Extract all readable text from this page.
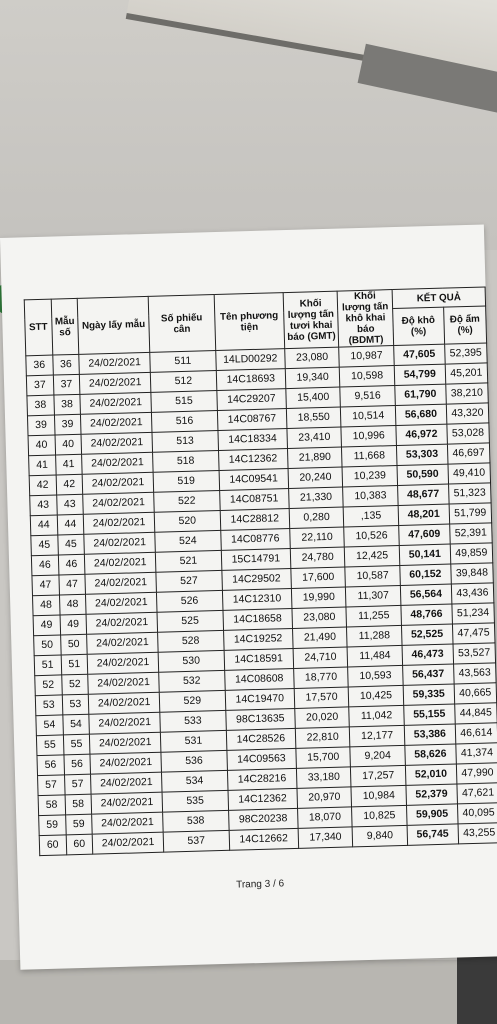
STT	Mẫu số	Ngày lấy mẫu	Số phiếu cân	Tên phương tiện	Khối lượng tấn tươi khai báo (GMT)	Khối lượng tấn khô khai báo (BDMT)	KẾT QUẢ	
							Độ khô (%)	Độ ẩm (%)
36	36	24/02/2021	511	14LD00292	23,080	10,987	47,605	52,395
37	37	24/02/2021	512	14C18693	19,340	10,598	54,799	45,201
38	38	24/02/2021	515	14C29207	15,400	9,516	61,790	38,210
39	39	24/02/2021	516	14C08767	18,550	10,514	56,680	43,320
40	40	24/02/2021	513	14C18334	23,410	10,996	46,972	53,028
41	41	24/02/2021	518	14C12362	21,890	11,668	53,303	46,697
42	42	24/02/2021	519	14C09541	20,240	10,239	50,590	49,410
43	43	24/02/2021	522	14C08751	21,330	10,383	48,677	51,323
44	44	24/02/2021	520	14C28812	0,280	,135	48,201	51,799
45	45	24/02/2021	524	14C08776	22,110	10,526	47,609	52,391
46	46	24/02/2021	521	15C14791	24,780	12,425	50,141	49,859
47	47	24/02/2021	527	14C29502	17,600	10,587	60,152	39,848
48	48	24/02/2021	526	14C12310	19,990	11,307	56,564	43,436
49	49	24/02/2021	525	14C18658	23,080	11,255	48,766	51,234
50	50	24/02/2021	528	14C19252	21,490	11,288	52,525	47,475
51	51	24/02/2021	530	14C18591	24,710	11,484	46,473	53,527
52	52	24/02/2021	532	14C08608	18,770	10,593	56,437	43,563
53	53	24/02/2021	529	14C19470	17,570	10,425	59,335	40,665
54	54	24/02/2021	533	98C13635	20,020	11,042	55,155	44,845
55	55	24/02/2021	531	14C28526	22,810	12,177	53,386	46,614
56	56	24/02/2021	536	14C09563	15,700	9,204	58,626	41,374
57	57	24/02/2021	534	14C28216	33,180	17,257	52,010	47,990
58	58	24/02/2021	535	14C12362	20,970	10,984	52,379	47,621
59	59	24/02/2021	538	98C20238	18,070	10,825	59,905	40,095
60	60	24/02/2021	537	14C12662	17,340	9,840	56,745	43,255
Trang 3 / 6
